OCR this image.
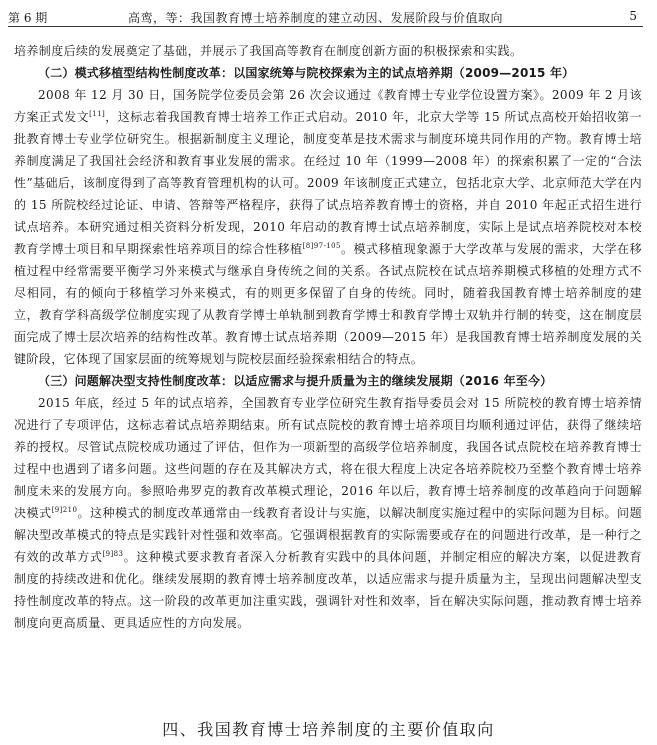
第 6 期	高鸾，等：我国教育博士培养制度的建立动因、发展阶段与价值取向	5

培养制度后续的发展奠定了基础，并展示了我国高等教育在制度创新方面的积极探索和实践。

（二）模式移植型结构性制度改革：以国家统筹与院校探索为主的试点培养期（2009—2015 年）

2008 年 12 月 30 日，国务院学位委员会第 26 次会议通过《教育博士专业学位设置方案》。2009 年 2 月该方案正式发文[11]，这标志着我国教育博士培养工作正式启动。2010 年，北京大学等 15 所试点高校开始招收第一批教育博士专业学位研究生。根据新制度主义理论，制度变革是技术需求与制度环境共同作用的产物。教育博士培养制度满足了我国社会经济和教育事业发展的需求。在经过 10 年（1999—2008 年）的探索积累了一定的“合法性”基础后，该制度得到了高等教育管理机构的认可。2009 年该制度正式建立，包括北京大学、北京师范大学在内的 15 所院校经过论证、申请、答辩等严格程序，获得了试点培养教育博士的资格，并自 2010 年起正式招生进行试点培养。本研究通过相关资料分析发现，2010 年启动的教育博士试点培养制度，实际上是试点培养院校对本校教育学博士项目和早期探索性培养项目的综合性移植$^{[8]97-105}$。模式移植现象源于大学改革与发展的需求，大学在移植过程中经常需要平衡学习外来模式与继承自身传统之间的关系。各试点院校在试点培养期模式移植的处理方式不尽相同，有的倾向于移植学习外来模式，有的则更多保留了自身的传统。同时，随着我国教育博士培养制度的建立，教育学科高级学位制度实现了从教育学博士单轨制到教育学博士和教育学博士双轨并行制的转变，这在制度层面完成了博士层次培养的结构性改革。教育博士试点培养期（2009—2015 年）是我国教育博士培养制度发展的关键阶段，它体现了国家层面的统筹规划与院校层面经验探索相结合的特点。

（三）问题解决型支持性制度改革：以适应需求与提升质量为主的继续发展期（2016 年至今）

2015 年底，经过 5 年的试点培养，全国教育专业学位研究生教育指导委员会对 15 所院校的教育博士培养情况进行了专项评估，这标志着试点培养期结束。所有试点院校的教育博士培养项目均顺利通过评估，获得了继续培养的授权。尽管试点院校成功通过了评估，但作为一项新型的高级学位培养制度，我国各试点院校在培养教育博士过程中也遇到了诸多问题。这些问题的存在及其解决方式，将在很大程度上决定各培养院校乃至整个教育博士培养制度未来的发展方向。参照哈弗罗克的教育改革模式理论，2016 年以后，教育博士培养制度的改革趋向于问题解决模式$^{[9]210}$。这种模式的制度改革通常由一线教育者设计与实施，以解决制度实施过程中的实际问题为目标。问题解决型改革模式的特点是实践针对性强和效率高。它强调根据教育的实际需要或存在的问题进行改革，是一种行之有效的改革方式$^{[9]83}$。这种模式要求教育者深入分析教育实践中的具体问题，并制定相应的解决方案，以促进教育制度的持续改进和优化。继续发展期的教育博士培养制度改革，以适应需求与提升质量为主，呈现出问题解决型支持性制度改革的特点。这一阶段的改革更加注重实践，强调针对性和效率，旨在解决实际问题，推动教育博士培养制度向更高质量、更具适应性的方向发展。

四、我国教育博士培养制度的主要价值取向
